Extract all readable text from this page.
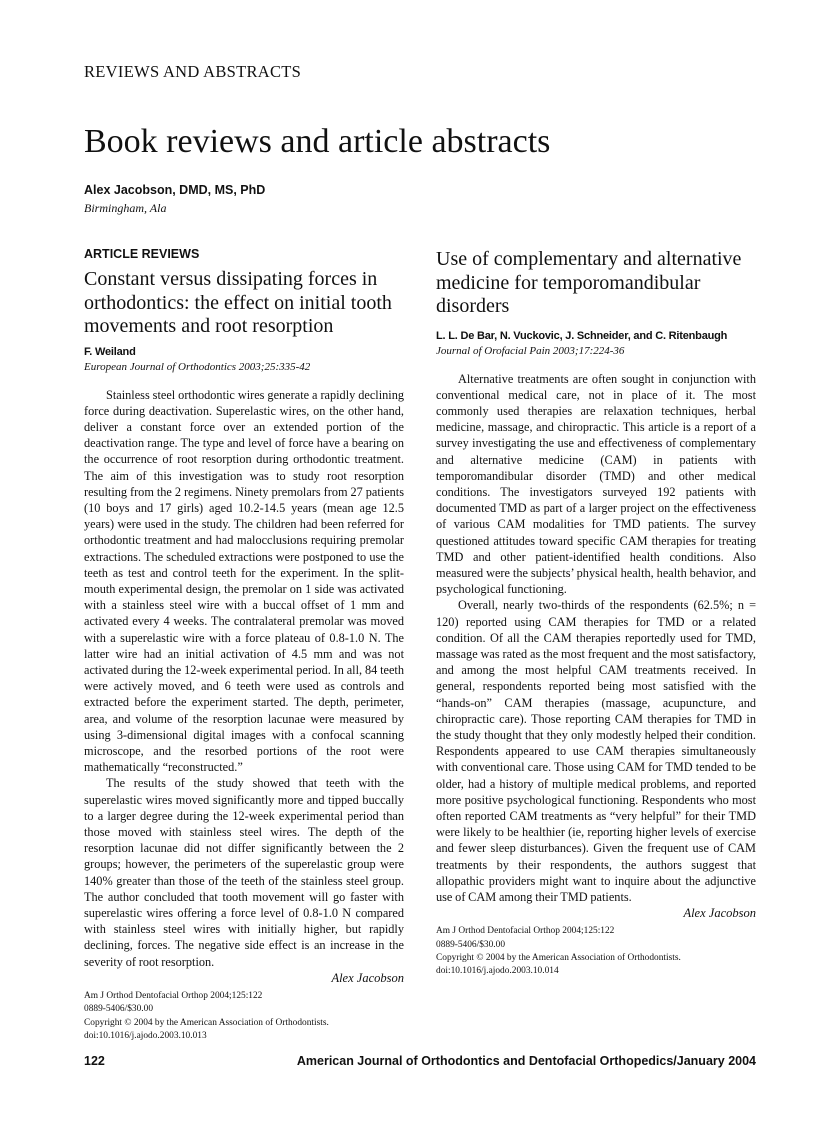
REVIEWS AND ABSTRACTS
Book reviews and article abstracts
Alex Jacobson, DMD, MS, PhD
Birmingham, Ala
ARTICLE REVIEWS
Constant versus dissipating forces in orthodontics: the effect on initial tooth movements and root resorption
F. Weiland
European Journal of Orthodontics 2003;25:335-42

Stainless steel orthodontic wires generate a rapidly declining force during deactivation. Superelastic wires, on the other hand, deliver a constant force over an extended portion of the deactivation range. The type and level of force have a bearing on the occurrence of root resorption during orthodontic treatment. The aim of this investigation was to study root resorption resulting from the 2 regimens. Ninety premolars from 27 patients (10 boys and 17 girls) aged 10.2-14.5 years (mean age 12.5 years) were used in the study. The children had been referred for orthodontic treatment and had malocclusions requiring premolar extractions. The scheduled extractions were postponed to use the teeth as test and control teeth for the experiment. In the split-mouth experimental design, the premolar on 1 side was activated with a stainless steel wire with a buccal offset of 1 mm and activated every 4 weeks. The contralateral premolar was moved with a superelastic wire with a force plateau of 0.8-1.0 N. The latter wire had an initial activation of 4.5 mm and was not activated during the 12-week experimental period. In all, 84 teeth were actively moved, and 6 teeth were used as controls and extracted before the experiment started. The depth, perimeter, area, and volume of the resorption lacunae were measured by using 3-dimensional digital images with a confocal scanning microscope, and the resorbed portions of the root were mathematically “reconstructed.”

The results of the study showed that teeth with the superelastic wires moved significantly more and tipped buccally to a larger degree during the 12-week experimental period than those moved with stainless steel wires. The depth of the resorption lacunae did not differ significantly between the 2 groups; however, the perimeters of the superelastic group were 140% greater than those of the teeth of the stainless steel group. The author concluded that tooth movement will go faster with superelastic wires offering a force level of 0.8-1.0 N compared with stainless steel wires with initially higher, but rapidly declining, forces. The negative side effect is an increase in the severity of root resorption.

Alex Jacobson
Am J Orthod Dentofacial Orthop 2004;125:122
0889-5406/$30.00
Copyright © 2004 by the American Association of Orthodontists.
doi:10.1016/j.ajodo.2003.10.013
Use of complementary and alternative medicine for temporomandibular disorders
L. L. De Bar, N. Vuckovic, J. Schneider, and C. Ritenbaugh
Journal of Orofacial Pain 2003;17:224-36

Alternative treatments are often sought in conjunction with conventional medical care, not in place of it. The most commonly used therapies are relaxation techniques, herbal medicine, massage, and chiropractic. This article is a report of a survey investigating the use and effectiveness of complementary and alternative medicine (CAM) in patients with temporomandibular disorder (TMD) and other medical conditions. The investigators surveyed 192 patients with documented TMD as part of a larger project on the effectiveness of various CAM modalities for TMD patients. The survey questioned attitudes toward specific CAM therapies for treating TMD and other patient-identified health conditions. Also measured were the subjects’ physical health, health behavior, and psychological functioning.

Overall, nearly two-thirds of the respondents (62.5%; n = 120) reported using CAM therapies for TMD or a related condition. Of all the CAM therapies reportedly used for TMD, massage was rated as the most frequent and the most satisfactory, and among the most helpful CAM treatments received. In general, respondents reported being most satisfied with the “hands-on” CAM therapies (massage, acupuncture, and chiropractic care). Those reporting CAM therapies for TMD in the study thought that they only modestly helped their condition. Respondents appeared to use CAM therapies simultaneously with conventional care. Those using CAM for TMD tended to be older, had a history of multiple medical problems, and reported more positive psychological functioning. Respondents who most often reported CAM treatments as “very helpful” for their TMD were likely to be healthier (ie, reporting higher levels of exercise and fewer sleep disturbances). Given the frequent use of CAM treatments by their respondents, the authors suggest that allopathic providers might want to inquire about the adjunctive use of CAM among their TMD patients.

Alex Jacobson
Am J Orthod Dentofacial Orthop 2004;125:122
0889-5406/$30.00
Copyright © 2004 by the American Association of Orthodontists.
doi:10.1016/j.ajodo.2003.10.014
122	American Journal of Orthodontics and Dentofacial Orthopedics/January 2004
